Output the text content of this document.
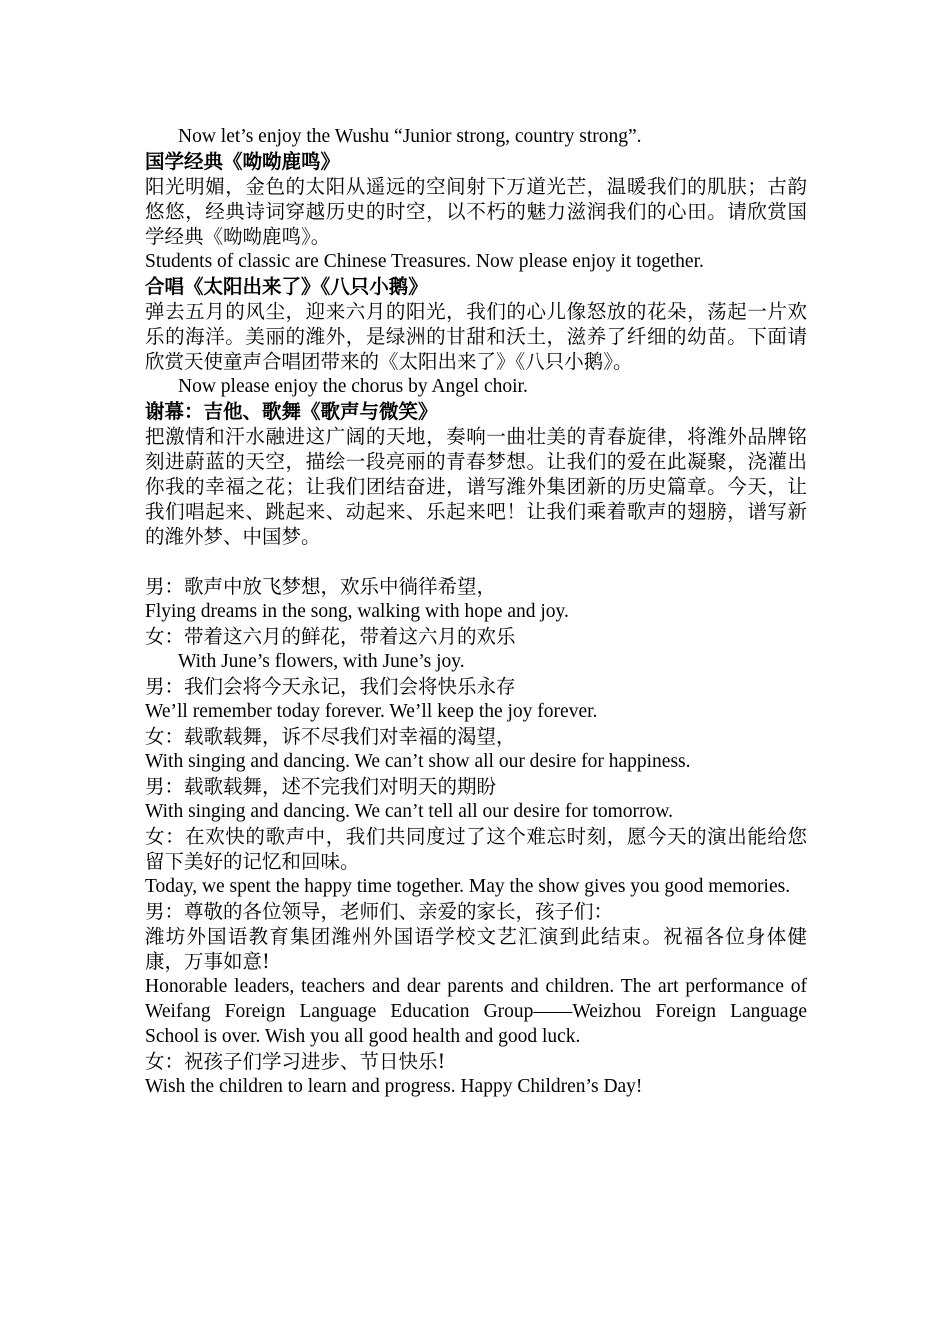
Now let’s enjoy the Wushu “Junior strong, country strong”.

国学经典《呦呦鹿鸣》

阳光明媚，金色的太阳从遥远的空间射下万道光芒，温暖我们的肌肤；古韵悠悠，经典诗词穿越历史的时空，以不朽的魅力滋润我们的心田。请欣赏国学经典《呦呦鹿鸣》。

Students of classic are Chinese Treasures. Now please enjoy it together.

合唱《太阳出来了》《八只小鹅》

弹去五月的风尘，迎来六月的阳光，我们的心儿像怒放的花朵，荡起一片欢乐的海洋。美丽的潍外，是绿洲的甘甜和沃土，滋养了纤细的幼苗。下面请欣赏天使童声合唱团带来的《太阳出来了》《八只小鹅》。

Now please enjoy the chorus by Angel choir.

谢幕：吉他、歌舞《歌声与微笑》

把激情和汗水融进这广阔的天地，奏响一曲壮美的青春旋律，将潍外品牌铭刻进蔚蓝的天空，描绘一段亮丽的青春梦想。让我们的爱在此凝聚，浇灌出你我的幸福之花；让我们团结奋进，谱写潍外集团新的历史篇章。今天，让我们唱起来、跳起来、动起来、乐起来吧！让我们乘着歌声的翅膀，谱写新的潍外梦、中国梦。

男：歌声中放飞梦想，欢乐中徜徉希望，

Flying dreams in the song, walking with hope and joy.

女：带着这六月的鲜花，带着这六月的欢乐

With June’s flowers, with June’s joy.

男：我们会将今天永记，我们会将快乐永存

We’ll remember today forever. We’ll keep the joy forever.

女：载歌载舞，诉不尽我们对幸福的渴望，

With singing and dancing. We can’t show all our desire for happiness.

男：载歌载舞，述不完我们对明天的期盼

With singing and dancing. We can’t tell all our desire for tomorrow.

女：在欢快的歌声中，我们共同度过了这个难忘时刻，愿今天的演出能给您留下美好的记忆和回味。

Today, we spent the happy time together. May the show gives you good memories.

男：尊敬的各位领导，老师们、亲爱的家长，孩子们：

潍坊外国语教育集团潍州外国语学校文艺汇演到此结束。祝福各位身体健康，万事如意!

Honorable leaders, teachers and dear parents and children. The art performance of Weifang Foreign Language Education Group——Weizhou Foreign Language School is over. Wish you all good health and good luck.

女：祝孩子们学习进步、节日快乐!

Wish the children to learn and progress. Happy Children’s Day!
